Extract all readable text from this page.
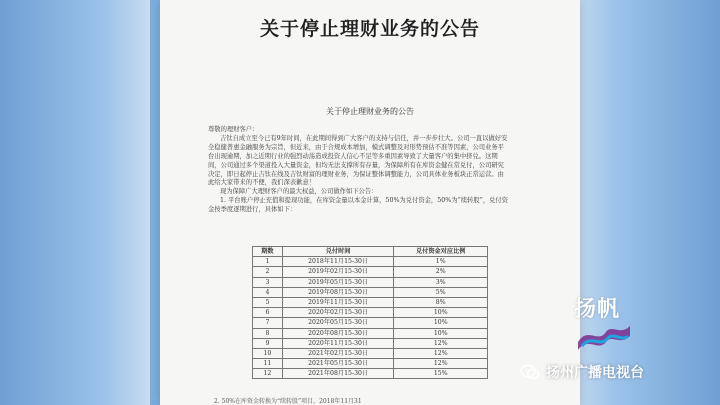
关于停止理财业务的公告
关于停止理财业务的公告

尊敬的理财客户：

吉钛自成立至今已有9年时间，在此期间得到广大客户的支持与信任，并一步步壮大。公司一直以做好安全稳健普惠金融服务为宗旨，但近来，由于合规成本增加，模式调整及对形势预估不准等因素，公司业务平台出现逾期，加之近期行业的强烈动荡造成投资人信心不足等多重因素导致了大量客户的集中挤兑。这期间，公司通过多个渠道投入大量资金，但均无法支撑所有存量，为保障所有在库资金健在常兑付，公司研究决定，即日起停止吉钛在线及吉钛财富的理财业务，为保证整体调整能力，公司具体业务板块正常运营。由此给大家带来的不便，我们深表歉意！

现为保障广大理财客户的最大权益，公司做作如下公告：

1. 平台账户停止充值和提现功能，在库资金量以本金计算，50%为兑付资金，50%为“续转股”，兑付资金按季度逐期进行，具体如下：

期数	兑付时间	兑付资金对应比例
1	2018年11月15-30日	1%
2	2019年02月15-30日	2%
3	2019年05月15-30日	3%
4	2019年08月15-30日	5%
5	2019年11月15-30日	8%
6	2020年02月15-30日	10%
7	2020年05月15-30日	10%
8	2020年08月15-30日	10%
9	2020年11月15-30日	12%
10	2021年02月15-30日	12%
11	2021年05月15-30日	12%
12	2021年08月15-30日	15%
2. 50%在库资金转换为“续转股”项目，2018年11月31
扬帆
扬州广播电视台
